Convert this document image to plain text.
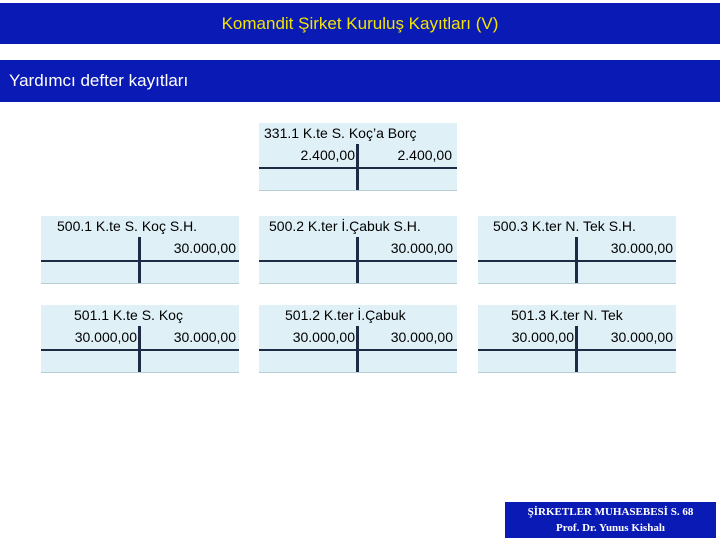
Komandit Şirket Kuruluş Kayıtları (V)
Yardımcı defter kayıtları
331.1 K.te S. Koç’a Borç
2.400,00	2.400,00
500.1 K.te S. Koç S.H.
30.000,00
500.2 K.ter İ.Çabuk S.H.
30.000,00
500.3 K.ter N. Tek S.H.
30.000,00
501.1 K.te S. Koç
30.000,00	30.000,00
501.2 K.ter İ.Çabuk
30.000,00	30.000,00
501.3 K.ter N. Tek
30.000,00	30.000,00
ŞİRKETLER MUHASEBESİ S. 68
Prof. Dr. Yunus Kishalı
